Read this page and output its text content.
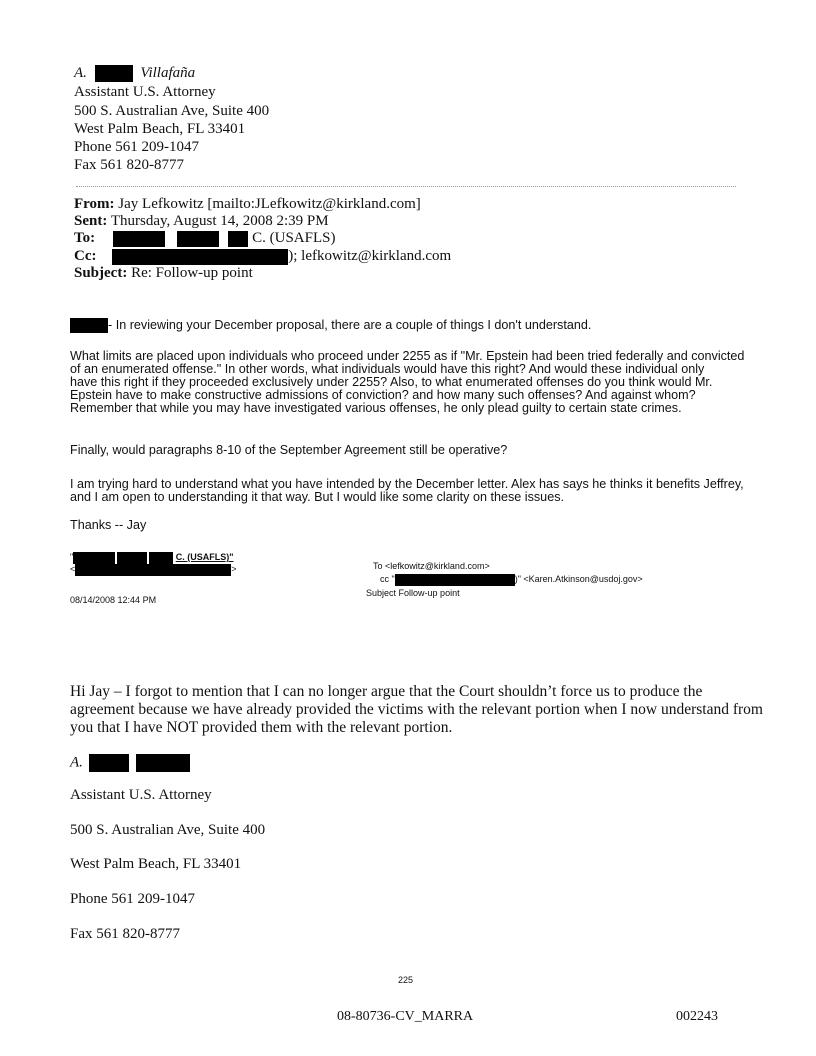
A.	Villafaña
Assistant U.S. Attorney
500 S. Australian Ave, Suite 400
West Palm Beach, FL 33401
Phone 561 209-1047
Fax 561 820-8777
From: Jay Lefkowitz [mailto:JLefkowitz@kirkland.com]
Sent: Thursday, August 14, 2008 2:39 PM
To:	C. (USAFLS)
Cc:	); lefkowitz@kirkland.com
Subject: Re: Follow-up point
- In reviewing your December proposal, there are a couple of things I don't understand.
What limits are placed upon individuals who proceed under 2255 as if "Mr. Epstein had been tried federally and convicted
of an enumerated offense." In other words, what individuals would have this right? And would these individual only
have this right if they proceeded exclusively under 2255? Also, to what enumerated offenses do you think would Mr.
Epstein have to make constructive admissions of conviction? and how many such offenses? And against whom?
Remember that while you may have investigated various offenses, he only plead guilty to certain state crimes.
Finally, would paragraphs 8-10 of the September Agreement still be operative?
I am trying hard to understand what you have intended by the December letter. Alex has says he thinks it benefits Jeffrey,
and I am open to understanding it that way. But I would like some clarity on these issues.
Thanks -- Jay
"	C. (USAFLS)"
<	>
08/14/2008 12:44 PM
To <lefkowitz@kirkland.com>
cc "	)" <Karen.Atkinson@usdoj.gov>
Subject Follow-up point
Hi Jay – I forgot to mention that I can no longer argue that the Court shouldn’t force us to produce the
agreement because we have already provided the victims with the relevant portion when I now understand from
you that I have NOT provided them with the relevant portion.
A.
Assistant U.S. Attorney
500 S. Australian Ave, Suite 400
West Palm Beach, FL 33401
Phone 561 209-1047
Fax 561 820-8777
225
08-80736-CV_MARRA	002243
